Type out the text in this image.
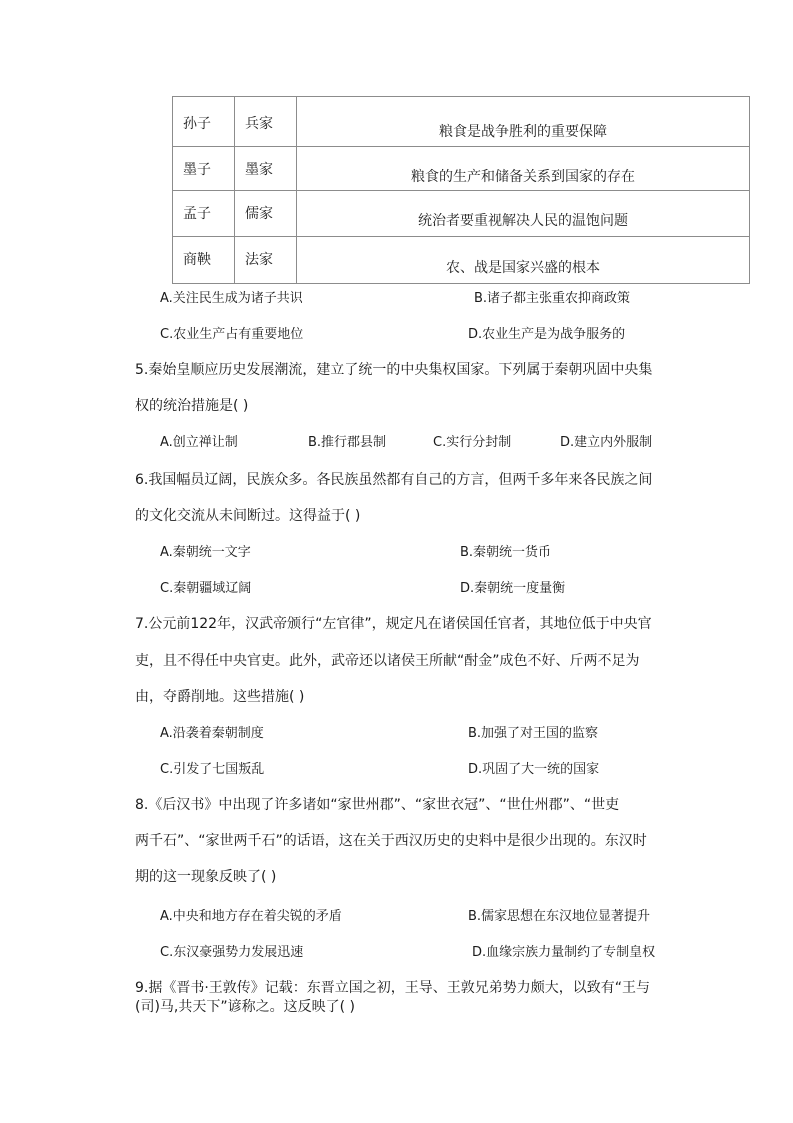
孙子	兵家	粮食是战争胜利的重要保障

墨子	墨家	粮食的生产和储备关系到国家的存在

孟子	儒家	统治者要重视解决人民的温饱问题

商鞅	法家	农、战是国家兴盛的根本
A.关注民生成为诸子共识	B.诸子都主张重农抑商政策
C.农业生产占有重要地位	D.农业生产是为战争服务的
5.秦始皇顺应历史发展潮流，建立了统一的中央集权国家。下列属于秦朝巩固中央集
权的统治措施是( )
A.创立禅让制	B.推行郡县制	C.实行分封制	D.建立内外服制
6.我国幅员辽阔，民族众多。各民族虽然都有自己的方言，但两千多年来各民族之间
的文化交流从未间断过。这得益于( )
A.秦朝统一文字	B.秦朝统一货币
C.秦朝疆域辽阔	D.秦朝统一度量衡
7.公元前122年，汉武帝颁行“左官律”，规定凡在诸侯国任官者，其地位低于中央官
吏，且不得任中央官吏。此外，武帝还以诸侯王所献“酎金”成色不好、斤两不足为
由，夺爵削地。这些措施( )
A.沿袭着秦朝制度	B.加强了对王国的监察
C.引发了七国叛乱	D.巩固了大一统的国家
8.《后汉书》中出现了许多诸如“家世州郡”、“家世衣冠”、“世仕州郡”、“世吏
两千石”、“家世两千石”的话语，这在关于西汉历史的史料中是很少出现的。东汉时
期的这一现象反映了( )
A.中央和地方存在着尖锐的矛盾	B.儒家思想在东汉地位显著提升
C.东汉豪强势力发展迅速	D.血缘宗族力量制约了专制皇权
9.据《晋书·王敦传》记载：东晋立国之初，王导、王敦兄弟势力颇大，以致有“王与
(司)马,共天下”谚称之。这反映了( )
